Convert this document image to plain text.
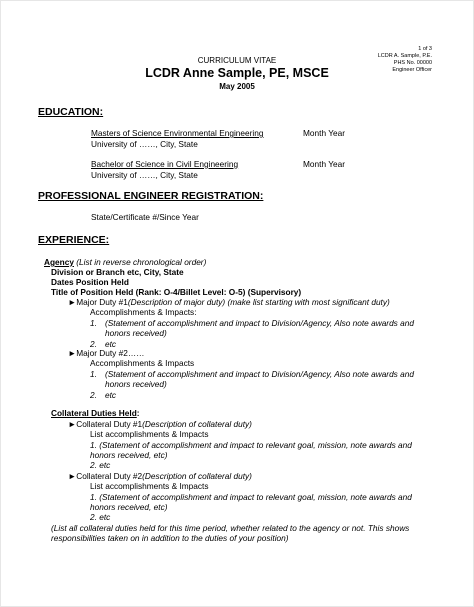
1 of 3
LCDR A. Sample, P.E.
PHS No. 00000
Engineer Officer
CURRICULUM VITAE
LCDR Anne Sample, PE, MSCE
May 2005
EDUCATION:
Masters of Science Environmental Engineering	Month Year
University of ……, City, State
Bachelor of Science in Civil Engineering	Month Year
University of ……, City, State
PROFESSIONAL ENGINEER REGISTRATION:
State/Certificate #/Since Year
EXPERIENCE:
Agency (List in reverse chronological order)
Division or Branch etc, City, State
Dates Position Held
Title of Position Held (Rank: O-4/Billet Level: O-5) (Supervisory)
►Major Duty #1(Description of major duty) (make list starting with most significant duty)
Accomplishments & Impacts:
1. (Statement of accomplishment and impact to Division/Agency, Also note awards and
honors received)
2. etc
►Major Duty #2……
Accomplishments & Impacts
1. (Statement of accomplishment and impact to Division/Agency, Also note awards and
honors received)
2. etc
Collateral Duties Held:
►Collateral Duty #1(Description of collateral duty)
List accomplishments & Impacts
1. (Statement of accomplishment and impact to relevant goal, mission, note awards and
honors received, etc)
2. etc
►Collateral Duty #2(Description of collateral duty)
List accomplishments & Impacts
1. (Statement of accomplishment and impact to relevant goal, mission, note awards and
honors received, etc)
2. etc
(List all collateral duties held for this time period, whether related to the agency or not. This shows
responsibilities taken on in addition to the duties of your position)
